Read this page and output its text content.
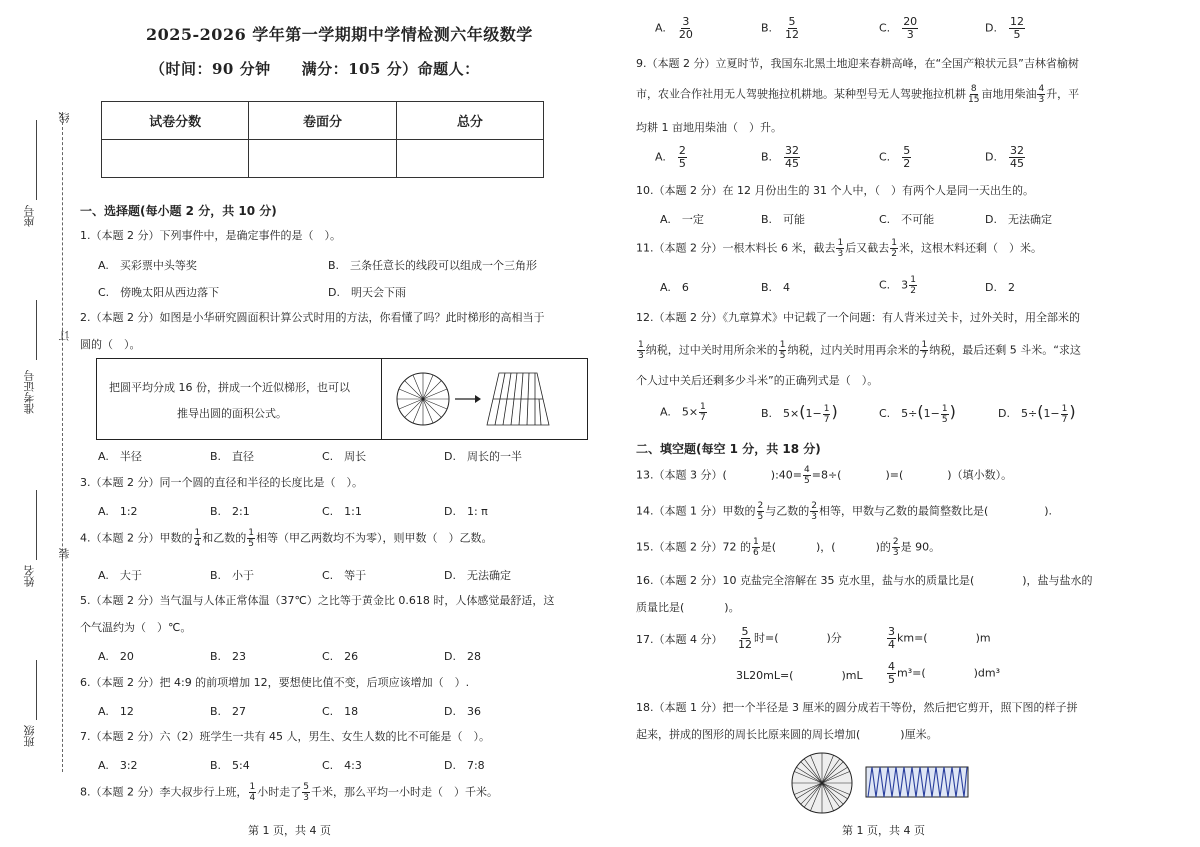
线
订
装
座号
准考证号
姓名
班级
2025-2026 学年第一学期期中学情检测六年级数学
（时间：90 分钟　　满分：105 分）命题人：
试卷分数	卷面分	总分

一、选择题(每小题 2 分，共 10 分)
1.（本题 2 分）下列事件中，是确定事件的是（　）。
A.　买彩票中头等奖	B.　三条任意长的线段可以组成一个三角形
C.　傍晚太阳从西边落下	D.　明天会下雨
2.（本题 2 分）如图是小华研究圆面积计算公式时用的方法，你看懂了吗？此时梯形的高相当于
圆的（　）。
把圆平均分成 16 份，拼成一个近似梯形，也可以
推导出圆的面积公式。
A.　半径	B.　直径	C.　周长	D.　周长的一半
3.（本题 2 分）同一个圆的直径和半径的长度比是（　）。
A.　1:2	B.　2:1	C.　1:1	D.　1: π
4.（本题 2 分）甲数的 $\frac{1}{4}$ 和乙数的 $\frac{1}{5}$ 相等（甲乙两数均不为零），则甲数（　）乙数。
A.　大于	B.　小于	C.　等于	D.　无法确定
5.（本题 2 分）当气温与人体正常体温（37℃）之比等于黄金比 0.618 时，人体感觉最舒适，这
个气温约为（　）℃。
A.　20	B.　23	C.　26	D.　28
6.（本题 2 分）把 4:9 的前项增加 12，要想使比值不变，后项应该增加（　）.
A.　12	B.　27	C.　18	D.　36
7.（本题 2 分）六（2）班学生一共有 45 人，男生、女生人数的比不可能是（　）。
A.　3:2	B.　5:4	C.　4:3	D.　7:8
8.（本题 2 分）李大叔步行上班， $\frac{1}{4}$ 小时走了 $\frac{5}{3}$ 千米，那么平均一小时走（　）千米。
第 1 页，共 4 页
A.　 $\frac{3}{20}$	B.　 $\frac{5}{12}$	C.　 $\frac{20}{3}$	D.　 $\frac{12}{5}$
9.（本题 2 分）立夏时节，我国东北黑土地迎来春耕高峰，在“全国产粮状元县”吉林省榆树
市，农业合作社用无人驾驶拖拉机耕地。某种型号无人驾驶拖拉机耕 $\frac{8}{15}$ 亩地用柴油 $\frac{4}{3}$ 升，平
均耕 1 亩地用柴油（　）升。
A.　 $\frac{2}{5}$	B.　 $\frac{32}{45}$	C.　 $\frac{5}{2}$	D.　 $\frac{32}{45}$
10.（本题 2 分）在 12 月份出生的 31 个人中，（　）有两个人是同一天出生的。
A.　一定	B.　可能	C.　不可能	D.　无法确定
11.（本题 2 分）一根木料长 6 米，截去 $\frac{1}{3}$ 后又截去 $\frac{1}{2}$ 米，这根木料还剩（　）米。
A.　6	B.　4	C.　$3 \frac{1}{2}$	D.　2
12.（本题 2 分）《九章算术》中记载了一个问题：有人背米过关卡，过外关时，用全部米的
$\frac{1}{3}$ 纳税，过中关时用所余米的 $\frac{1}{5}$ 纳税，过内关时用再余米的 $\frac{1}{7}$ 纳税，最后还剩 5 斗米。“求这
个人过中关后还剩多少斗米”的正确列式是（　）。
A.　$5\times \frac{1}{7}$	B.　$5\times(1- \frac{1}{7}$ )	C.　$5\div(1- \frac{1}{5}$ )	D.　$5\div(1- \frac{1}{7}$ )
二、填空题(每空 1 分，共 18 分)
13.（本题 3 分）(	):40= $\frac{4}{5} =8\div$(	)=(	)（填小数）。
14.（本题 1 分）甲数的 $\frac{2}{5}$ 与乙数的 $\frac{2}{3}$ 相等，甲数与乙数的最简整数比是(	).
15.（本题 2 分）72 的 $\frac{1}{6}$ 是(	)，(	)的 $\frac{2}{3}$ 是 90。
16.（本题 2 分）10 克盐完全溶解在 35 克水里，盐与水的质量比是(	)，盐与盐水的
质量比是(	)。
17.（本题 4 分） $\frac{5}{12}$ 时=(	)分	$\frac{3}{4} km=$(	)m
3L20mL=(	)$mL \frac{4}{5} m^3=$(	)dm³
18.（本题 1 分）把一个半径是 3 厘米的圆分成若干等份，然后把它剪开，照下图的样子拼
起来，拼成的图形的周长比原来圆的周长增加(	)厘米。
第 1 页，共 4 页
